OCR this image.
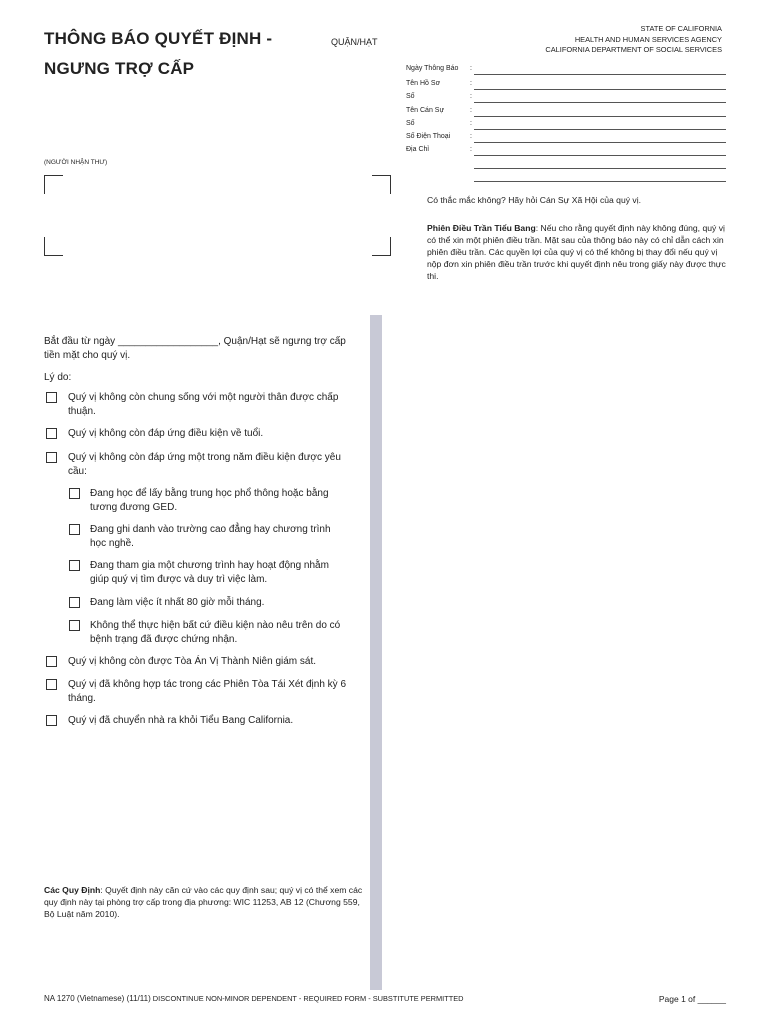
THÔNG BÁO QUYẾT ĐỊNH -
NGƯNG TRỢ CẤP
QUẬN/HẠT
STATE OF CALIFORNIA
HEALTH AND HUMAN SERVICES AGENCY
CALIFORNIA DEPARTMENT OF SOCIAL SERVICES
Ngày Thông Báo :
Tên Hồ Sơ	:
Số	:
Tên Cán Sự	:
Số	:
Số Điện Thoại	:
Địa Chỉ	:
(NGƯỜI NHẬN THƯ)
Có thắc mắc không? Hãy hỏi Cán Sự Xã Hội của quý vị.
Phiên Điều Trần Tiểu Bang: Nếu cho rằng quyết định này không đúng, quý vị có thể xin một phiên điều trần. Mặt sau của thông báo này có chỉ dẫn cách xin phiên điều trần. Các quyền lợi của quý vị có thể không bị thay đổi nếu quý vị nộp đơn xin phiên điều trần trước khi quyết định nêu trong giấy này được thực thi.
Bắt đầu từ ngày __________________, Quận/Hạt sẽ ngưng trợ cấp tiền mặt cho quý vị.
Lý do:
Quý vị không còn chung sống với một người thân được chấp thuận.
Quý vị không còn đáp ứng điều kiện về tuổi.
Quý vị không còn đáp ứng một trong năm điều kiện được yêu cầu:
Đang học để lấy bằng trung học phổ thông hoặc bằng tương đương GED.
Đang ghi danh vào trường cao đẳng hay chương trình học nghề.
Đang tham gia một chương trình hay hoạt động nhằm giúp quý vị tìm được và duy trì việc làm.
Đang làm việc ít nhất 80 giờ mỗi tháng.
Không thể thực hiện bất cứ điều kiện nào nêu trên do có bệnh trạng đã được chứng nhận.
Quý vị không còn được Tòa Án Vị Thành Niên giám sát.
Quý vị đã không hợp tác trong các Phiên Tòa Tái Xét định kỳ 6 tháng.
Quý vị đã chuyển nhà ra khỏi Tiểu Bang California.
Các Quy Định: Quyết định này căn cứ vào các quy định sau; quý vị có thể xem các quy định này tại phòng trợ cấp trong địa phương: WIC 11253, AB 12 (Chương 559, Bộ Luật năm 2010).
NA 1270 (Vietnamese) (11/11) DISCONTINUE NON-MINOR DEPENDENT - REQUIRED FORM - SUBSTITUTE PERMITTED	Page 1 of ______
